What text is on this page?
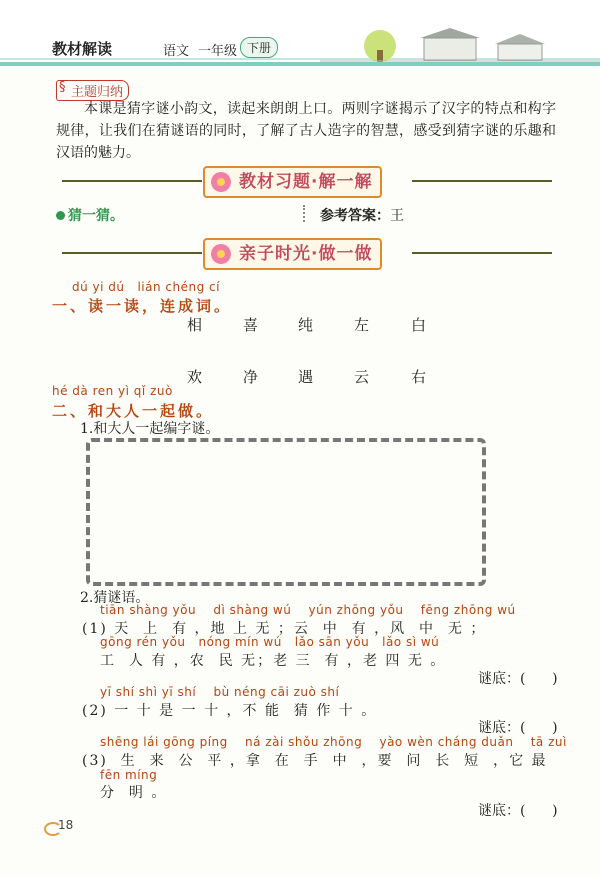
教材解读	语文 一年级 下册
§ 主题归纳
本课是猜字谜小韵文，读起来朗朗上口。两则字谜揭示了汉字的特点和构字规律，让我们在猜谜语的同时，了解了古人造字的智慧，感受到猜字谜的乐趣和汉语的魅力。
教材习题·解一解
猜一猜。	参考答案：王
亲子时光·做一做
dú yi dú   lián chéng cí
一、读一读，连成词。
相	喜	纯	左	白
欢	净	遇	云	右
hé dà ren yì qǐ zuò
二、和大人一起做。
1.和大人一起编字谜。
2.猜谜语。
tiān shàng yǒu    dì shàng wú    yún zhōng yǒu    fēng zhōng wú
(1) 天  上  有 ，地 上 无 ；云  中  有 ，风  中  无 ；
gōng rén yǒu   nóng mín wú   lǎo sān yǒu   lǎo sì wú
工  人 有 ，农  民 无；老 三  有 ，老 四 无 。
谜底：(      )
yī shí shì yī shí    bù néng cāi zuò shí
(2) 一 十 是 一 十 ，不 能  猜 作 十 。
谜底：(      )
shēng lái gōng píng    ná zài shǒu zhōng    yào wèn cháng duǎn    tā zuì
(3)  生  来  公  平 ，拿  在  手  中  ，要  问  长  短  ，它 最
fēn míng
分  明 。
谜底：(      )
18
